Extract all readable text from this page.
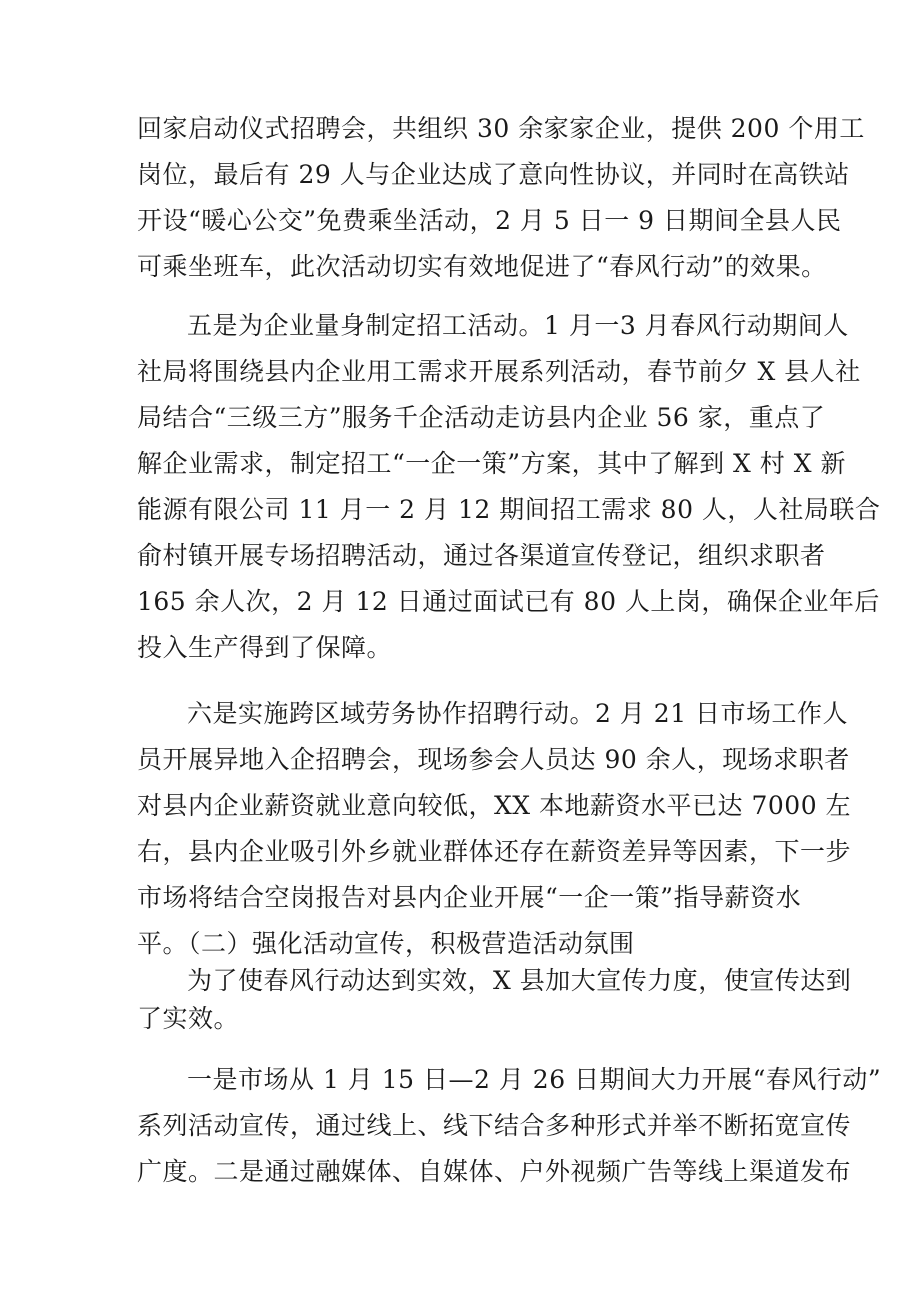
回家启动仪式招聘会，共组织 30 余家家企业，提供 200 个用工
岗位，最后有 29 人与企业达成了意向性协议，并同时在高铁站
开设“暖心公交”免费乘坐活动，2 月 5 日一 9 日期间全县人民
可乘坐班车，此次活动切实有效地促进了“春风行动”的效果。
五是为企业量身制定招工活动。1 月一3 月春风行动期间人
社局将围绕县内企业用工需求开展系列活动，春节前夕 X 县人社
局结合“三级三方”服务千企活动走访县内企业 56 家，重点了
解企业需求，制定招工“一企一策”方案，其中了解到 X 村 X 新
能源有限公司 11 月一 2 月 12 期间招工需求 80 人，人社局联合
俞村镇开展专场招聘活动，通过各渠道宣传登记，组织求职者
165 余人次，2 月 12 日通过面试已有 80 人上岗，确保企业年后
投入生产得到了保障。
六是实施跨区域劳务协作招聘行动。2 月 21 日市场工作人
员开展异地入企招聘会，现场参会人员达 90 余人，现场求职者
对县内企业薪资就业意向较低，XX 本地薪资水平已达 7000 左
右，县内企业吸引外乡就业群体还存在薪资差异等因素，下一步
市场将结合空岗报告对县内企业开展“一企一策”指导薪资水
平。（二）强化活动宣传，积极营造活动氛围
为了使春风行动达到实效，X 县加大宣传力度，使宣传达到
了实效。
一是市场从 1 月 15 日—2 月 26 日期间大力开展“春风行动”
系列活动宣传，通过线上、线下结合多种形式并举不断拓宽宣传
广度。二是通过融媒体、自媒体、户外视频广告等线上渠道发布
